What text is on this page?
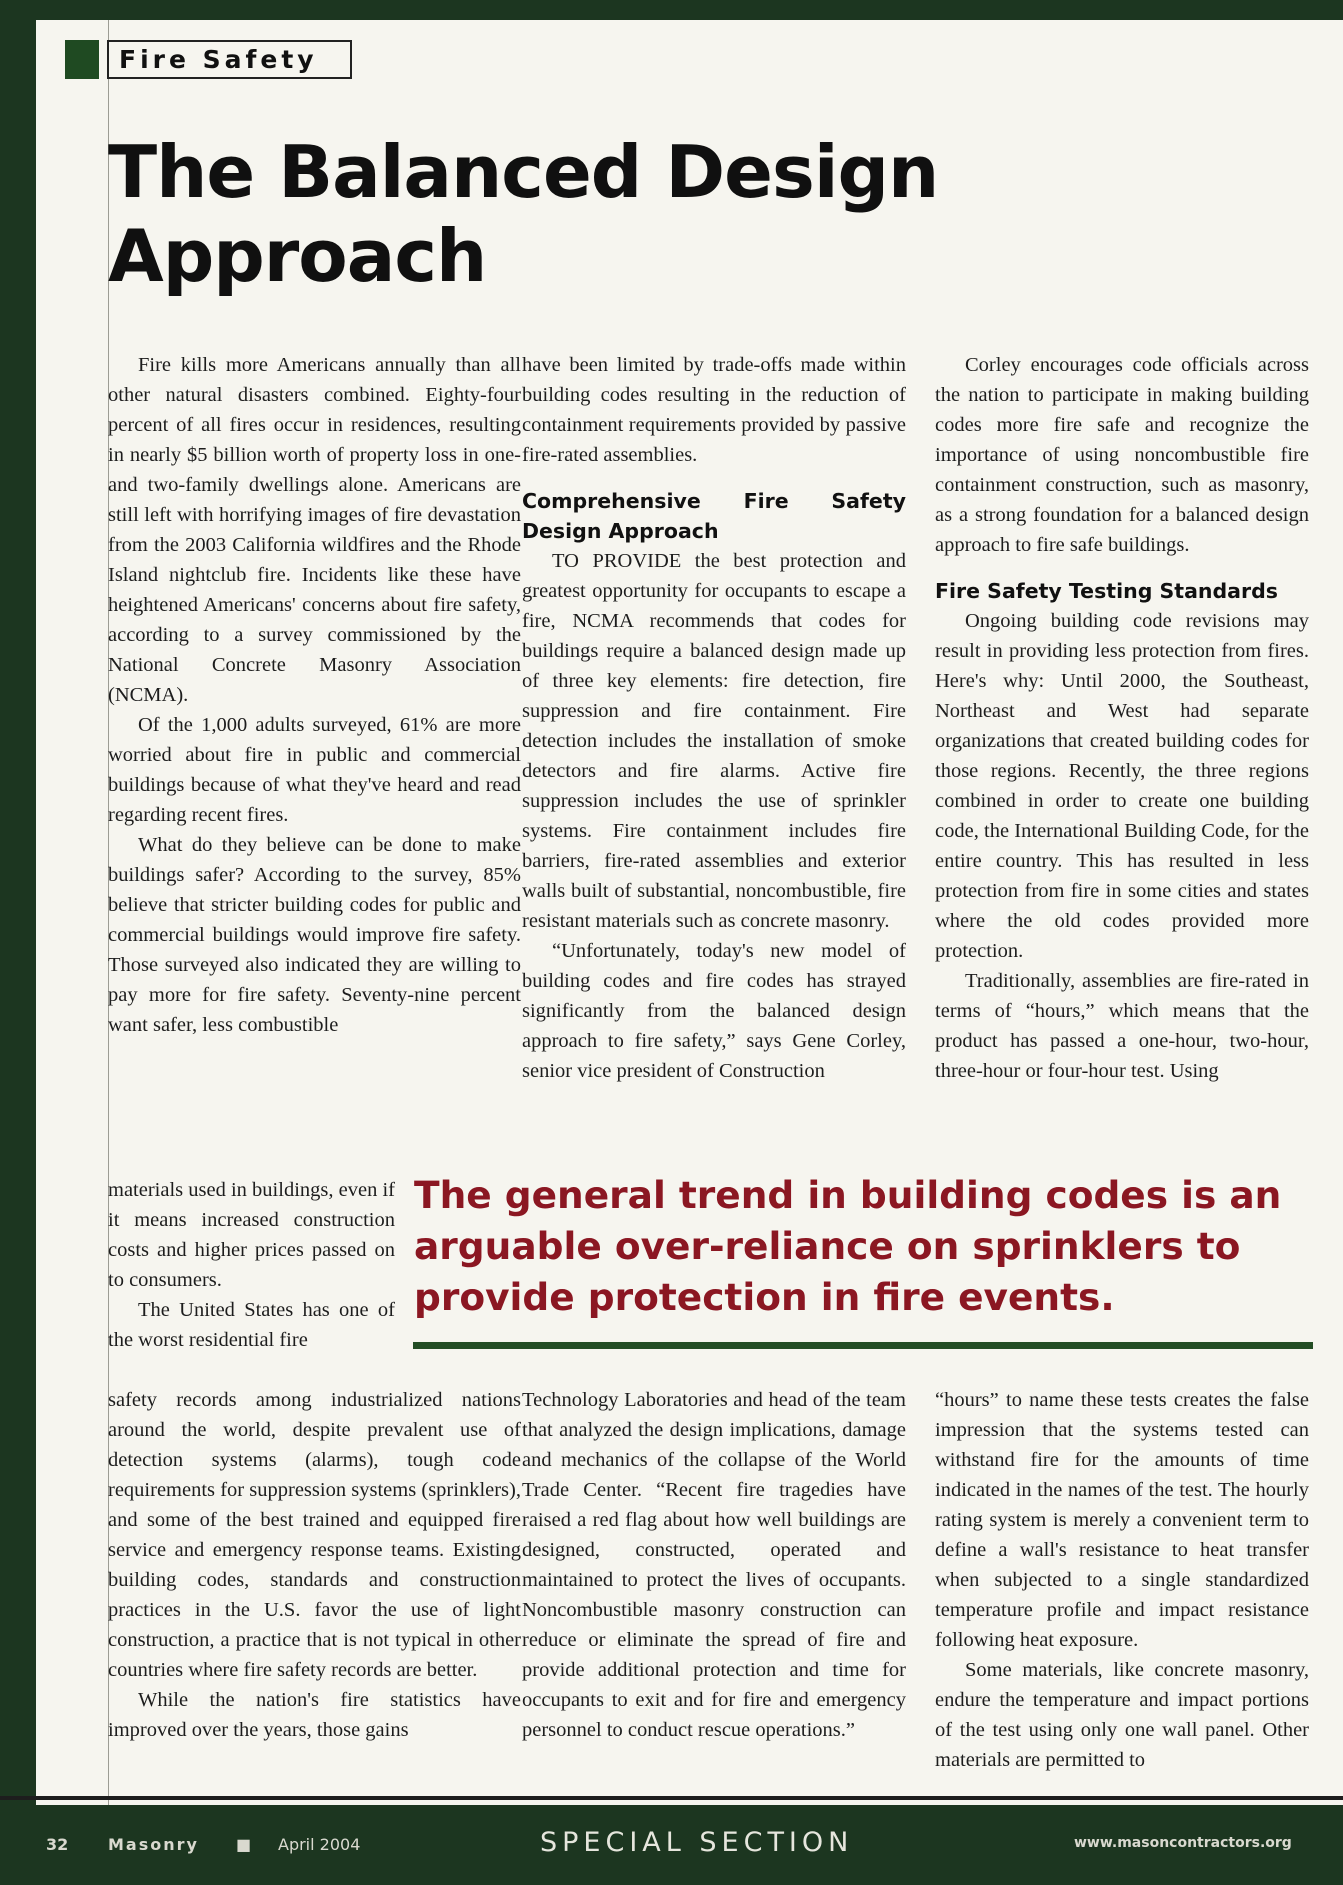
Fire Safety
The Balanced Design Approach

Fire kills more Americans annually than all other natural disasters combined. Eighty-four percent of all fires occur in residences, resulting in nearly $5 billion worth of property loss in one- and two-family dwellings alone. Americans are still left with horrifying images of fire devastation from the 2003 California wildfires and the Rhode Island nightclub fire. Incidents like these have heightened Americans' concerns about fire safety, according to a survey commissioned by the National Concrete Masonry Association (NCMA).

Of the 1,000 adults surveyed, 61% are more worried about fire in public and commercial buildings because of what they've heard and read regarding recent fires.

What do they believe can be done to make buildings safer? According to the survey, 85% believe that stricter building codes for public and commercial buildings would improve fire safety. Those surveyed also indicated they are willing to pay more for fire safety. Seventy-nine percent want safer, less combustible

materials used in buildings, even if it means increased construction costs and higher prices passed on to consumers.

The United States has one of the worst residential fire

safety records among industrialized nations around the world, despite prevalent use of detection systems (alarms), tough code requirements for suppression systems (sprinklers), and some of the best trained and equipped fire service and emergency response teams. Existing building codes, standards and construction practices in the U.S. favor the use of light construction, a practice that is not typical in other countries where fire safety records are better.

While the nation's fire statistics have improved over the years, those gains

have been limited by trade-offs made within building codes resulting in the reduction of containment requirements provided by passive fire-rated assemblies.

Comprehensive Fire Safety Design Approach

TO PROVIDE the best protection and greatest opportunity for occupants to escape a fire, NCMA recommends that codes for buildings require a balanced design made up of three key elements: fire detection, fire suppression and fire containment. Fire detection includes the installation of smoke detectors and fire alarms. Active fire suppression includes the use of sprinkler systems. Fire containment includes fire barriers, fire-rated assemblies and exterior walls built of substantial, noncombustible, fire resistant materials such as concrete masonry.

“Unfortunately, today's new model of building codes and fire codes has strayed significantly from the balanced design approach to fire safety,” says Gene Corley, senior vice president of Construction

Technology Laboratories and head of the team that analyzed the design implications, damage and mechanics of the collapse of the World Trade Center. “Recent fire tragedies have raised a red flag about how well buildings are designed, constructed, operated and maintained to protect the lives of occupants. Noncombustible masonry construction can reduce or eliminate the spread of fire and provide additional protection and time for occupants to exit and for fire and emergency personnel to conduct rescue operations.”

Corley encourages code officials across the nation to participate in making building codes more fire safe and recognize the importance of using noncombustible fire containment construction, such as masonry, as a strong foundation for a balanced design approach to fire safe buildings.

Fire Safety Testing Standards

Ongoing building code revisions may result in providing less protection from fires. Here's why: Until 2000, the Southeast, Northeast and West had separate organizations that created building codes for those regions. Recently, the three regions combined in order to create one building code, the International Building Code, for the entire country. This has resulted in less protection from fire in some cities and states where the old codes provided more protection.

Traditionally, assemblies are fire-rated in terms of “hours,” which means that the product has passed a one-hour, two-hour, three-hour or four-hour test. Using

“hours” to name these tests creates the false impression that the systems tested can withstand fire for the amounts of time indicated in the names of the test. The hourly rating system is merely a convenient term to define a wall's resistance to heat transfer when subjected to a single standardized temperature profile and impact resistance following heat exposure.

Some materials, like concrete masonry, endure the temperature and impact portions of the test using only one wall panel. Other materials are permitted to

The general trend in building codes is an arguable over-reliance on sprinklers to provide protection in fire events.

32 Masonry ■ April 2004	SPECIAL SECTION	www.masoncontractors.org
